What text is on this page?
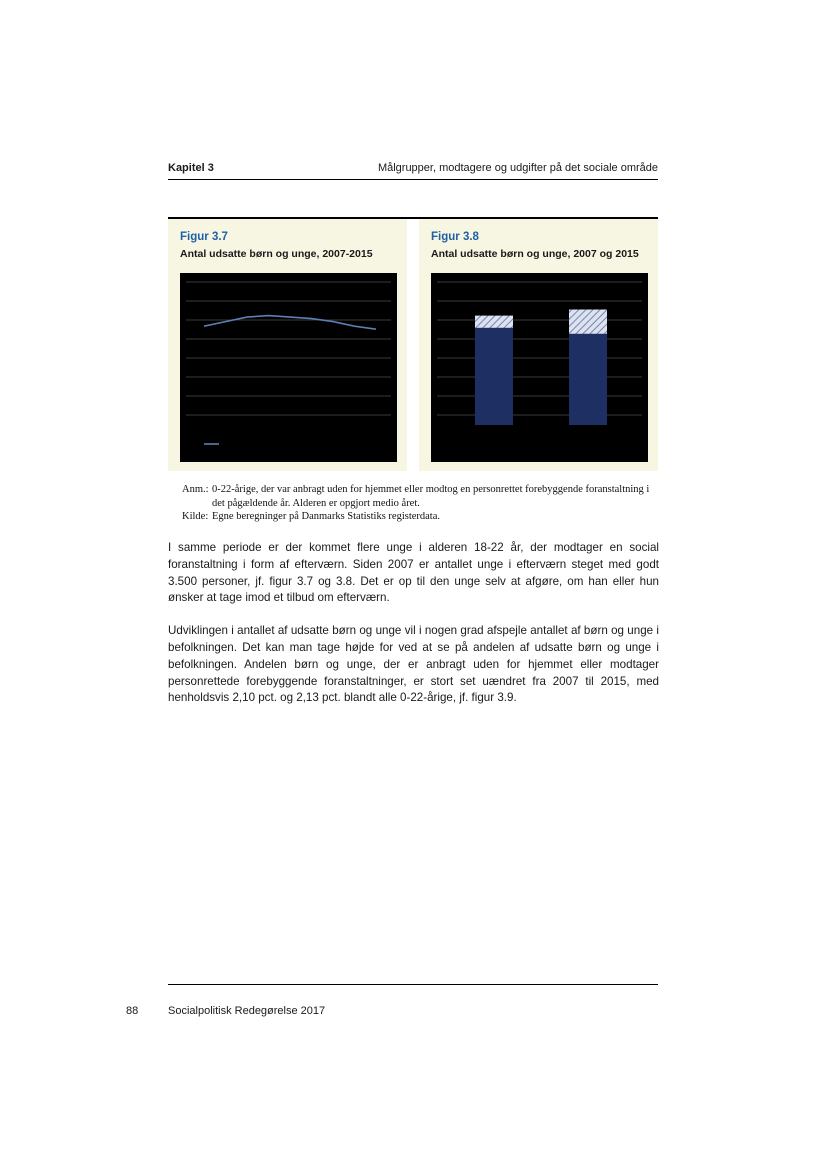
Kapitel 3	Målgrupper, modtagere og udgifter på det sociale område
Figur 3.7
Antal udsatte børn og unge, 2007-2015
Figur 3.8
Antal udsatte børn og unge, 2007 og 2015
Anm.: 0-22-årige, der var anbragt uden for hjemmet eller modtog en personrettet forebyggende foranstaltning i det pågældende år. Alderen er opgjort medio året.
Kilde: Egne beregninger på Danmarks Statistiks registerdata.

I samme periode er der kommet flere unge i alderen 18-22 år, der modtager en social foranstaltning i form af efterværn. Siden 2007 er antallet unge i efterværn steget med godt 3.500 personer, jf. figur 3.7 og 3.8. Det er op til den unge selv at afgøre, om han eller hun ønsker at tage imod et tilbud om efterværn.

Udviklingen i antallet af udsatte børn og unge vil i nogen grad afspejle antallet af børn og unge i befolkningen. Det kan man tage højde for ved at se på andelen af udsatte børn og unge i befolkningen. Andelen børn og unge, der er anbragt uden for hjemmet eller modtager personrettede forebyggende foranstaltninger, er stort set uændret fra 2007 til 2015, med henholdsvis 2,10 pct. og 2,13 pct. blandt alle 0-22-årige, jf. figur 3.9.

88	Socialpolitisk Redegørelse 2017
